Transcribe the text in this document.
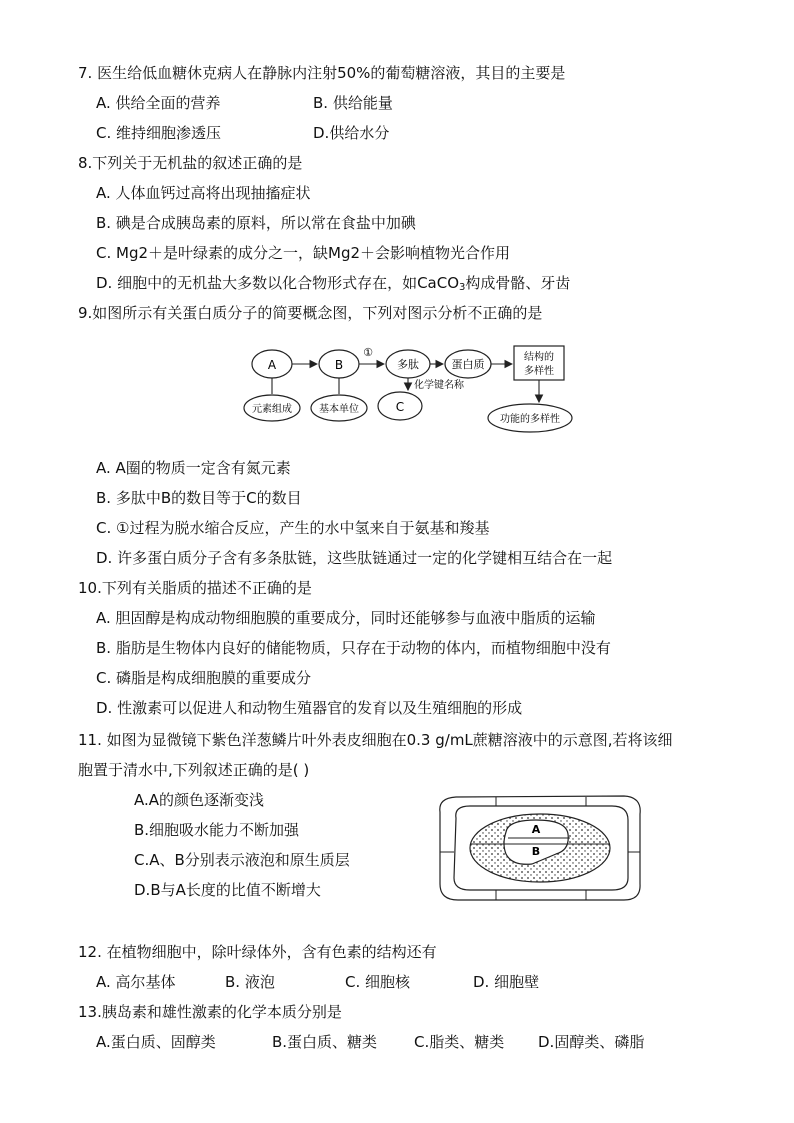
7. 医生给低血糖休克病人在静脉内注射50%的葡萄糖溶液，其目的主要是
A. 供给全面的营养	B. 供给能量
C. 维持细胞渗透压	D.供给水分
8.下列关于无机盐的叙述正确的是
A. 人体血钙过高将出现抽搐症状
B. 碘是合成胰岛素的原料，所以常在食盐中加碘
C. Mg2＋是叶绿素的成分之一，缺Mg2＋会影响植物光合作用
D. 细胞中的无机盐大多数以化合物形式存在，如CaCO$_3$构成骨骼、牙齿
9.如图所示有关蛋白质分子的简要概念图，下列对图示分析不正确的是
A	B
①
多肽	蛋白质
结构的
多样性
元素组成	基本单位
化学键名称
C
功能的多样性
A. A圈的物质一定含有氮元素
B. 多肽中B的数目等于C的数目
C. ①过程为脱水缩合反应，产生的水中氢来自于氨基和羧基
D. 许多蛋白质分子含有多条肽链，这些肽链通过一定的化学键相互结合在一起
10.下列有关脂质的描述不正确的是
A. 胆固醇是构成动物细胞膜的重要成分，同时还能够参与血液中脂质的运输
B. 脂肪是生物体内良好的储能物质，只存在于动物的体内，而植物细胞中没有
C. 磷脂是构成细胞膜的重要成分
D. 性激素可以促进人和动物生殖器官的发育以及生殖细胞的形成
11. 如图为显微镜下紫色洋葱鳞片叶外表皮细胞在0.3 g/mL蔗糖溶液中的示意图,若将该细
胞置于清水中,下列叙述正确的是( )
A.A的颜色逐渐变浅
B.细胞吸水能力不断加强
C.A、B分别表示液泡和原生质层
D.B与A长度的比值不断增大
A
B
12. 在植物细胞中，除叶绿体外，含有色素的结构还有
A. 高尔基体	B. 液泡	C. 细胞核	D. 细胞壁
13.胰岛素和雄性激素的化学本质分别是
A.蛋白质、固醇类	B.蛋白质、糖类 C.脂类、糖类 D.固醇类、磷脂
